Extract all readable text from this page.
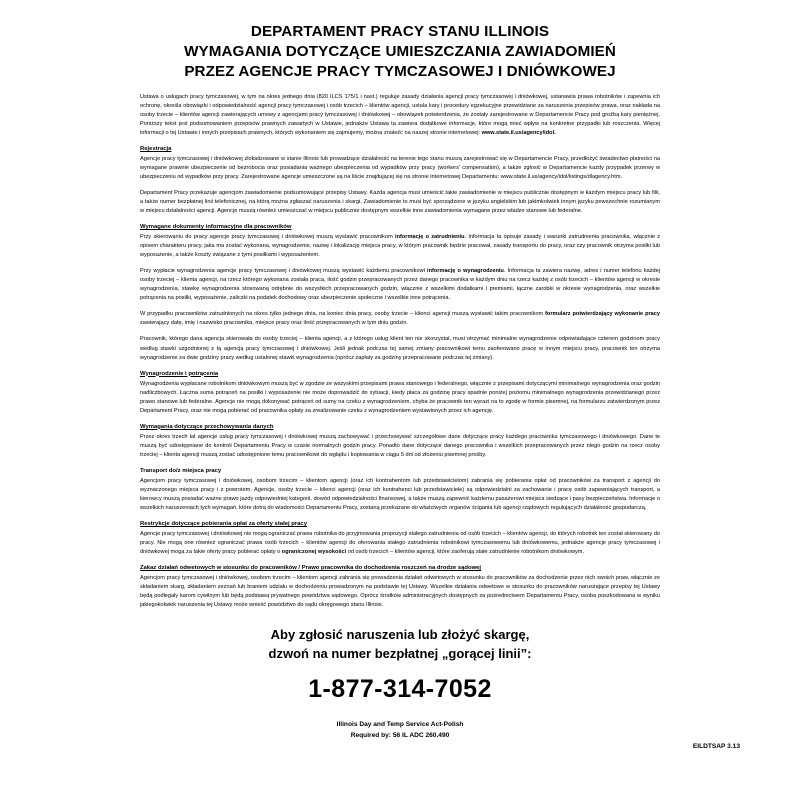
DEPARTAMENT PRACY STANU ILLINOIS
WYMAGANIA DOTYCZĄCE UMIESZCZANIA ZAWIADOMIEŃ
PRZEZ AGENCJE PRACY TYMCZASOWEJ I DNIÓWKOWEJ
Ustawa o usługach pracy tymczasowej, w tym na okres jednego dnia (820 ILCS 175/1 i nast.) reguluje zasady działania agencji pracy tymczasowej i dniówkowej, ustanawia prawa robotników i zapewnia ich ochronę, określa obowiązki i odpowiedzialność agencji pracy tymczasowej i osób trzecich – klientów agencji, ustala kary i procedury egzekucyjne przewidziane za naruszenia przepisów prawa, oraz nakłada na osoby trzecie – klientów agencji zawierających umowy z agencjami pracy tymczasowej i dniówkowej – obowiązek potwierdzenia, że zostały zarejestrowane w Departamencie Pracy pod groźbą kary pieniężnej. Poniższy tekst jest podsumowaniem przepisów prawnych zawartych w Ustawie, jednakże Ustawa ta zawiera dodatkowe informacje, które mogą mieć wpływ na konkretne przypadki lub roszczenia. Więcej informacji o tej Ustawie i innych przepisach prawnych, których wykonaniem się zajmujemy, można znaleźć na naszej stronie internetowej: www.state.il.us/agency/idol.
Rejestracja
Agencje pracy tymczasowej i dniówkowej zlokalizowane w stanie Illinois lub prowadzące działalność na terenie tego stanu muszą zarejestrować się w Departamencie Pracy, przedłożyć świadectwo płatności na wymagane prawnie ubezpieczenie od bezrobocia oraz posiadania ważnego ubezpieczenia od wypadków przy pracy (workers' compensation), a także zgłosić w Departamencie każdy przypadek przerwy w ubezpieczeniu od wypadków przy pracy. Zarejestrowane agencje umieszczone są na liście znajdującej się na stronie internetowej Departamentu: www.state.il.us/agency/idol/listings/dlagency.htm.
Departament Pracy przekazuje agencjom zawiadomienie podsumowujące przepisy Ustawy. Każda agencja musi umieścić takie zawiadomienie w miejscu publicznie dostępnym w każdym miejscu pracy lub filii, a także numer bezpłatnej linii telefonicznej, na którą można zgłaszać naruszenia i skargi. Zawiadomienie to musi być sporządzone w języku angielskim lub jakimkolwiek innym języku powszechnie rozumianym w miejscu działalności agencji. Agencje muszą również umieszczać w miejscu publicznie dostępnym wszelkie inne zawiadomienia wymagane przez władze stanowe lub federalne.
Wymagane dokumenty informacyjne dla pracowników
Przy skierowaniu do pracy agencje pracy tymczasowej i dniówkowej muszą wystawić pracownikom informację o zatrudnieniu. Informacja ta opisuje zasady i warunki zatrudnienia pracownika, włącznie z opisem charakteru pracy, jaka ma zostać wykonana, wynagrodzenie, nazwę i lokalizację miejsca pracy, w którym pracownik będzie pracował, zasady transportu do pracy, oraz czy pracownik otrzyma posiłki lub wyposażenie, a także koszty związane z tymi posiłkami i wyposażeniem.
Przy wypłacie wynagrodzenia agencje pracy tymczasowej i dniówkowej muszą wystawić każdemu pracownikowi informację o wynagrodzeniu. Informacja ta zawiera nazwę, adres i numer telefonu każdej osoby trzeciej – klienta agencji, na rzecz którego wykonana została praca, ilość godzin przepracowanych przez danego pracownika w każdym dniu na rzecz każdej z osób trzecich – klientów agencji w okresie wynagrodzenia, stawkę wynagrodzenia stosowaną odrębnie do wszystkich przepracowanych godzin, włącznie z wszelkimi dodatkami i premiami, łączne zarobki w okresie wynagrodzenia, oraz wszelkie potrącenia na posiłki, wyposażenie, zaliczki na podatek dochodowy oraz ubezpieczenie społeczne i wszelkie inne potrącenia.
W przypadku pracowników zatrudnionych na okres tylko jednego dnia, na koniec dnia pracy, osoby trzecie – klienci agencji muszą wystawić takim pracownikom formularz potwierdzający wykonanie pracy zawierający datę, imię i nazwisko pracownika, miejsce pracy oraz ilość przepracowanych w tym dniu godzin.
Pracownik, którego dana agencja skierowała do osoby trzeciej – klienta agencji, a z którego usług klient ten nie skorzystał, musi otrzymać minimalne wynagrodzenie odpowiadające czterem godzinom pracy według stawki uzgodnionej z tą agencją pracy tymczasowej i dniówkowej. Jeśli jednak podczas tej samej zmiany pracownikowi temu zaoferowano pracę w innym miejscu pracy, pracownik ten otrzyma wynagrodzenie za dwie godziny pracy według ustalonej stawki wynagrodzenia (oprócz zapłaty za godziny przepracowane podczas tej zmiany).
Wynagrodzenie i potrącenia
Wynagrodzenia wypłacane robotnikom dniówkowym muszą być w zgodzie ze wszyskimi przepisami prawa stanowego i federalnego, włącznie z przepisami dotyczącymi minimalnego wynagrodzenia oraz godzin nadliczbowych. Łączna suma potrąceń na posiłki i wyposażenie nie może doprowadzić do sytuacji, kiedy płaca za godzinę pracy spadnie poniżej poziomu minimalnego wynagrodzenia przewidzianego przez prawo stanowe lub federalne. Agencje nie mogą dokonywać potrąceń od sumy na czeku z wynagrodzeniem, chyba że pracownik ten wyrazi na to zgodę w formie pisemnej, na formularzu zatwierdzonym przez Departament Pracy, oraz nie mogą pobierać od pracownika opłaty za zrealizowanie czeku z wynagrodzeniem wystawionych przez ich agencję.
Wymagania dotyczące przechowywania danych
Przez okres trzech lat agencje usług pracy tymczasowej i dniówkowej muszą zachowywać i przechowywać szczegółowe dane dotyczące pracy każdego pracownika tymczasowego i dniówkowego. Dane te muszą być udostępniane do kontroli Departamentu Pracy w czasie normalnych godzin pracy. Ponadto dane dotyczące danego pracownika i wszelkich przepracowanych przez niego godzin na rzecz osoby trzeciej – klienta agencji muszą zostać udostępnione temu pracownikowi do wglądu i kopiowania w ciągu 5 dni od złożeniu pisemnej prośby.
Transport do/z miejsca pracy
Agencjom pracy tymczasowej i dniówkowej, osobom trzecim – klientom agencji (oraz ich kontrahentom lub przedstawicielom) zabrania się pobierania opłat od pracowników za transport z agencji do wyznaczonego miejsca pracy i z powrotem. Agencje, osoby trzecie – klienci agencji (oraz ich kontrahenci lub przedstawiciele) są odpowiedzialni za zachowanie i pracę osób zapewniających transport, a kierowcy muszą posiadać ważne prawo jazdy odpowiedniej kategorii, dowód odpowiedzialności finansowej, a także muszą zapewnić każdemu pasażerowi miejsca siedzące i pasy bezpieczeństwa. Informacje o wszelkich naruszeniach tych wymagań, które dotrą do wiadomości Departamentu Pracy, zostaną przekazane do właściwych organów ścigania lub agencji rządowych regulujących działalność gospodarczą.
Restrykcje dotyczące pobierania opłat za oferty stałej pracy
Agencje pracy tymczasowej i dniówkowej nie mogą ograniczać prawa robotnika do przyjmowania propozycji stałego zatrudnienia od osób trzecich – klientów agencji, do których robotnik ten został skierowany do pracy. Nie mogą one również ograniczać prawa osób trzecich – klientów agencji do oferowania stałego zatrudnienia robotnikowi tymczasowemu lub dniówkowemu, jednakże agencje pracy tymczasowej i dniówkowej mogą za takie oferty pracy pobierać opłaty o ograniczonej wysokości od osób trzecich – klientów agencji, które zaoferują stałe zatrudnienie robotnikom dniówkowym.
Zakaz działań odwetowych w stosunku do pracowników / Prawo pracownika do dochodzenia roszczeń na drodze sądowej
Agencjom pracy tymczasowej i dniówkowej, osobom trzecim – klientom agencji zabrania się prowadzenia działań odwetowych w stosunku do pracowników za dochodzenie przez nich swoich praw, włącznie ze składaniem skarg, składaniem zeznań lub braniem udziału w dochodzeniu prowadzonym na podstawie tej Ustawy. Wszelkie działania odwetowe w stosunku do pracowników naruszające przepisy tej Ustawy będą podlegały karom cywilnym lub będą podstawą prywatnego powództwa sądowego. Oprócz środków administracyjnych dostępnych za pośrednictwem Departamentu Pracy, osoba poszkodowana w wyniku jakiegokolwiek naruszenia tej Ustawy może wnieść powództwo do sądu okręgowego stanu Illinois.
Aby zgłosić naruszenia lub złożyć skargę,
dzwoń na numer bezpłatnej „gorącej linii”:
1-877-314-7052
Illinois Day and Temp Service Act-Polish
Required by: 56 IL ADC 260.490
EILDTSAP 3.13
